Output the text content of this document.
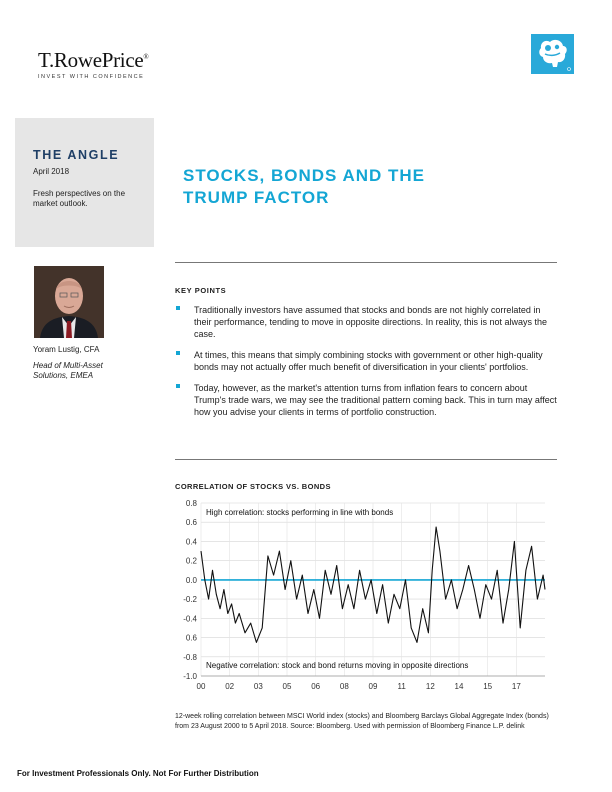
T.RowePrice®
INVEST WITH CONFIDENCE
THE ANGLE
April 2018
Fresh perspectives on the market outlook.
STOCKS, BONDS AND THE TRUMP FACTOR
Yoram Lustig, CFA
Head of Multi-Asset Solutions, EMEA
KEY POINTS
Traditionally investors have assumed that stocks and bonds are not highly correlated in their performance, tending to move in opposite directions. In reality, this is not always the case.
At times, this means that simply combining stocks with government or other high-quality bonds may not actually offer much benefit of diversification in your clients' portfolios.
Today, however, as the market's attention turns from inflation fears to concern about Trump's trade wars, we may see the traditional pattern coming back. This in turn may affect how you advise your clients in terms of portfolio construction.
CORRELATION OF STOCKS VS. BONDS
0.8
0.6
0.4
0.2
0.0
-0.2
-0.4
0.6
-0.8
-1.0
00 02 03 05 06 08 09	11	12 14 15 17
High correlation: stocks performing in line with bonds
Negative correlation: stock and bond returns moving in opposite directions
12-week rolling correlation between MSCI World index (stocks) and Bloomberg Barclays Global Aggregate Index (bonds) from 23 August 2000 to 5 April 2018. Source: Bloomberg. Used with permission of Bloomberg Finance L.P. delink
For Investment Professionals Only. Not For Further Distribution
